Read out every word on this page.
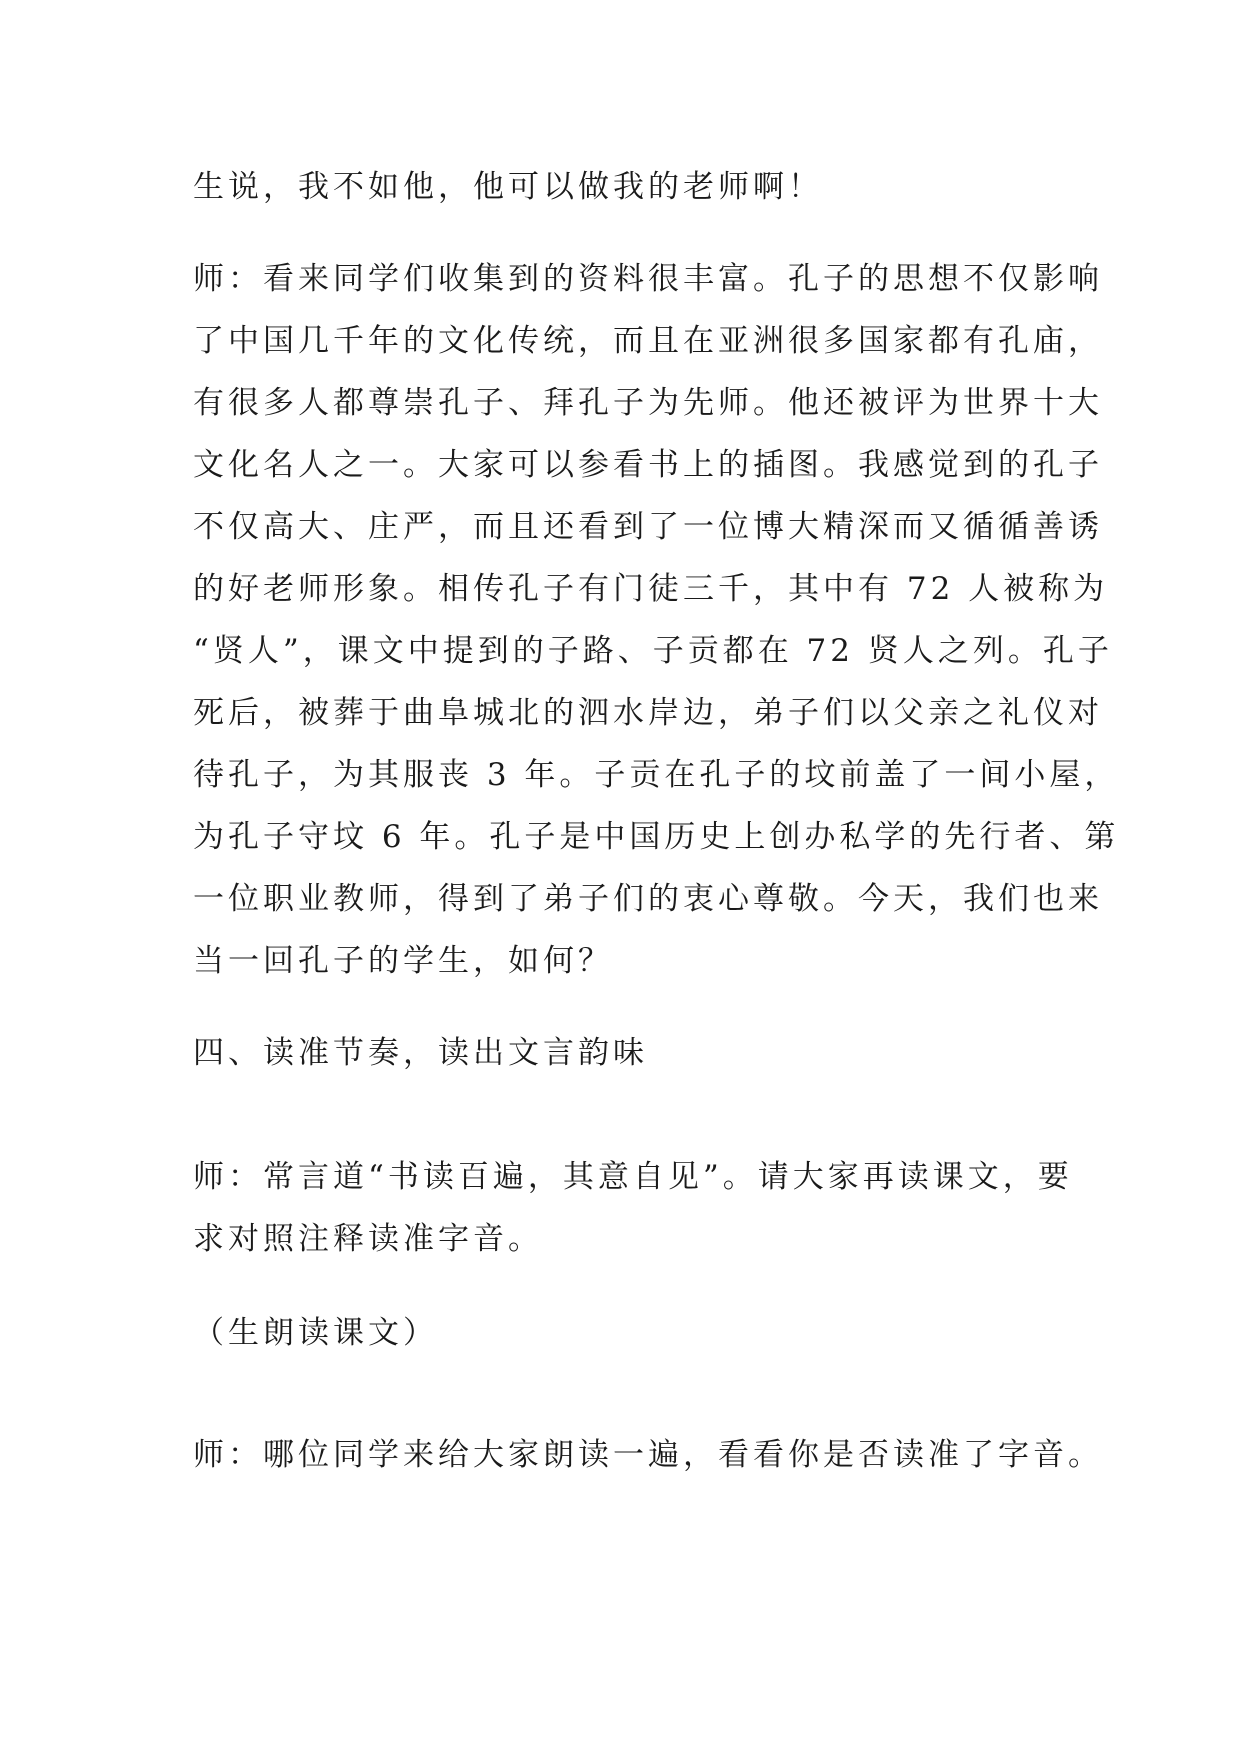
生说，我不如他，他可以做我的老师啊！
师：看来同学们收集到的资料很丰富。孔子的思想不仅影响
了中国几千年的文化传统，而且在亚洲很多国家都有孔庙，
有很多人都尊崇孔子、拜孔子为先师。他还被评为世界十大
文化名人之一。大家可以参看书上的插图。我感觉到的孔子
不仅高大、庄严，而且还看到了一位博大精深而又循循善诱
的好老师形象。相传孔子有门徒三千，其中有 72 人被称为
“贤人”，课文中提到的子路、子贡都在 72 贤人之列。孔子
死后，被葬于曲阜城北的泗水岸边，弟子们以父亲之礼仪对
待孔子，为其服丧 3 年。子贡在孔子的坟前盖了一间小屋，
为孔子守坟 6 年。孔子是中国历史上创办私学的先行者、第
一位职业教师，得到了弟子们的衷心尊敬。今天，我们也来
当一回孔子的学生，如何？
四、读准节奏，读出文言韵味
师：常言道“书读百遍，其意自见”。请大家再读课文，要
求对照注释读准字音。
（生朗读课文）
师：哪位同学来给大家朗读一遍，看看你是否读准了字音。
